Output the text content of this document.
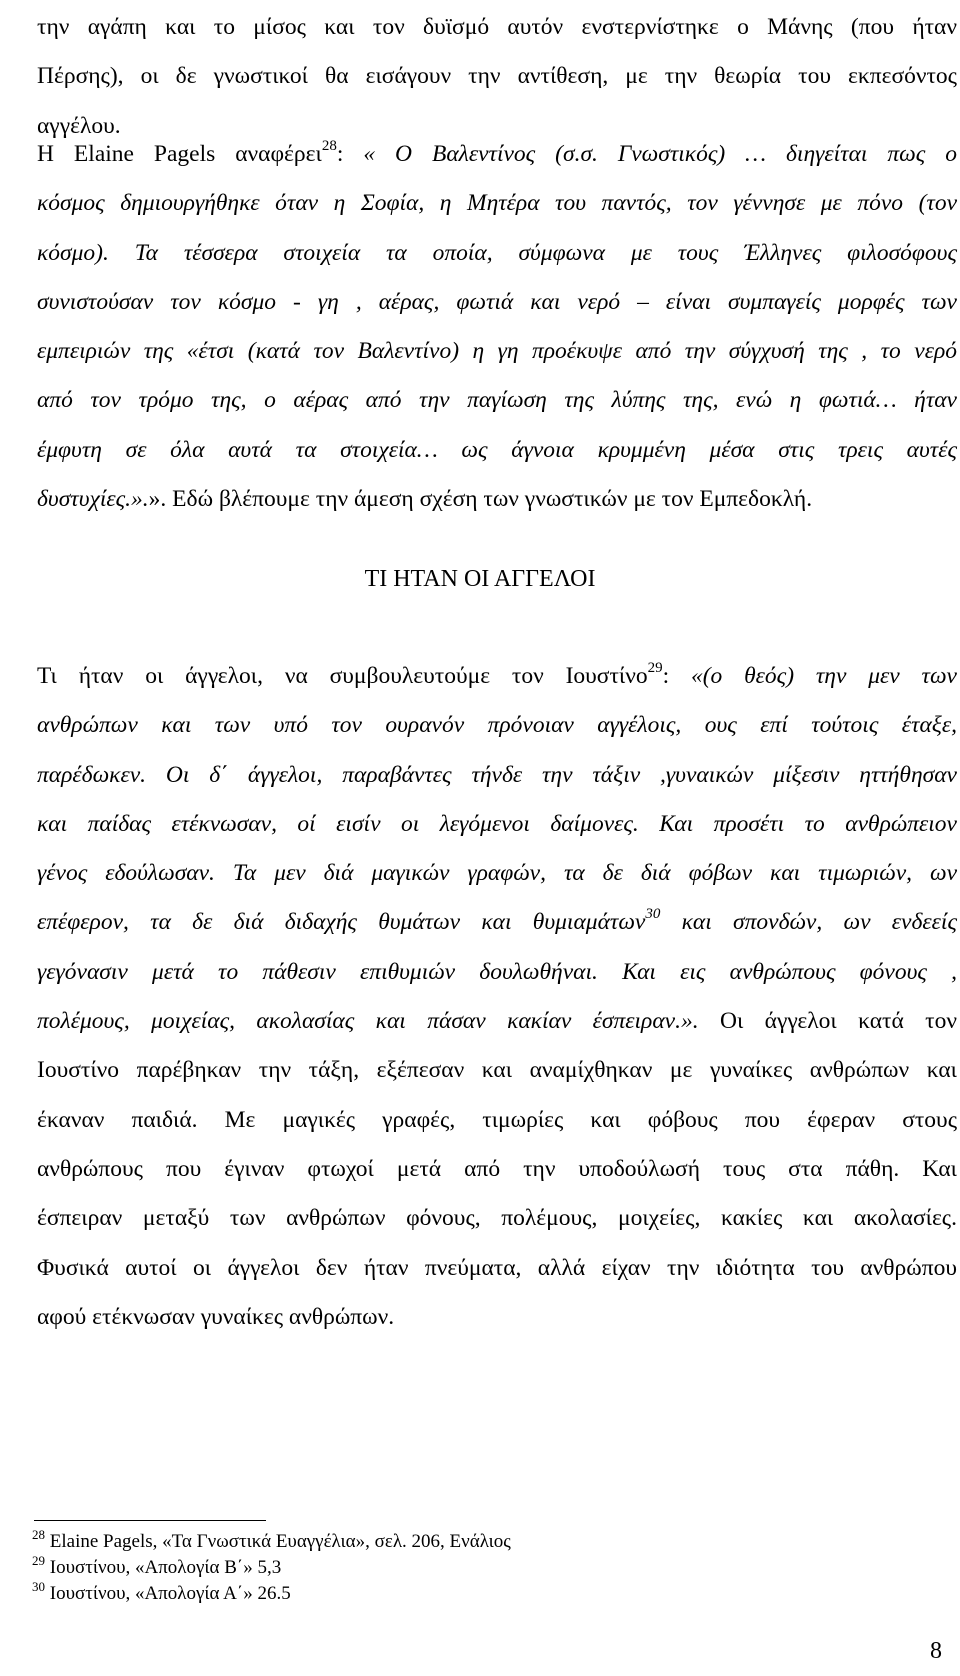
την αγάπη και το μίσος και τον δυϊσμό αυτόν ενστερνίστηκε ο Μάνης (που ήταν
Πέρσης), οι δε γνωστικοί θα εισάγουν την αντίθεση, με την θεωρία του εκπεσόντος
αγγέλου.
Η Elaine Pagels αναφέρει$^{28}$: « Ο Βαλεντίνος (σ.σ. Γνωστικός) … διηγείται πως ο
κόσμος δημιουργήθηκε όταν η Σοφία, η Μητέρα του παντός, τον γέννησε με πόνο (τον
κόσμο). Τα τέσσερα στοιχεία τα οποία, σύμφωνα με τους Έλληνες φιλοσόφους
συνιστούσαν τον κόσμο - γη , αέρας, φωτιά και νερό – είναι συμπαγείς μορφές των
εμπειριών της «έτσι (κατά τον Βαλεντίνο) η γη προέκυψε από την σύγχυσή της , το νερό
από τον τρόμο της, ο αέρας από την παγίωση της λύπης της, ενώ η φωτιά… ήταν
έμφυτη σε όλα αυτά τα στοιχεία… ως άγνοια κρυμμένη μέσα στις τρεις αυτές
δυστυχίες.».». Εδώ βλέπουμε την άμεση σχέση των γνωστικών με τον Εμπεδοκλή.
ΤΙ ΗΤΑΝ ΟΙ ΑΓΓΕΛΟΙ
Τι ήταν οι άγγελοι, να συμβουλευτούμε τον Ιουστίνο$^{29}$: «(ο θεός) την μεν των
ανθρώπων και των υπό τον ουρανόν πρόνοιαν αγγέλοις, ους επί τούτοις έταξε,
παρέδωκεν. Οι δ΄ άγγελοι, παραβάντες τήνδε την τάξιν ,γυναικών μίξεσιν ηττήθησαν
και παίδας ετέκνωσαν, οί εισίν οι λεγόμενοι δαίμονες. Και προσέτι το ανθρώπειον
γένος εδούλωσαν. Τα μεν διά μαγικών γραφών, τα δε διά φόβων και τιμωριών, ων
επέφερον, τα δε διά διδαχής θυμάτων και θυμιαμάτων$^{30}$ και σπονδών, ων ενδεείς
γεγόνασιν μετά το πάθεσιν επιθυμιών δουλωθήναι. Και εις ανθρώπους φόνους ,
πολέμους, μοιχείας, ακολασίας και πάσαν κακίαν έσπειραν.». Οι άγγελοι κατά τον
Ιουστίνο παρέβηκαν την τάξη, εξέπεσαν και αναμίχθηκαν με γυναίκες ανθρώπων και
έκαναν παιδιά. Με μαγικές γραφές, τιμωρίες και φόβους που έφεραν στους
ανθρώπους που έγιναν φτωχοί μετά από την υποδούλωσή τους στα πάθη. Και
έσπειραν μεταξύ των ανθρώπων φόνους, πολέμους, μοιχείες, κακίες και ακολασίες.
Φυσικά αυτοί οι άγγελοι δεν ήταν πνεύματα, αλλά είχαν την ιδιότητα του ανθρώπου
αφού ετέκνωσαν γυναίκες ανθρώπων.
$^{28}$ Elaine Pagels, «Τα Γνωστικά Ευαγγέλια», σελ. 206, Ενάλιος
$^{29}$ Ιουστίνου, «Απολογία Β΄» 5,3
$^{30}$ Ιουστίνου, «Απολογία Α΄» 26.5
8
